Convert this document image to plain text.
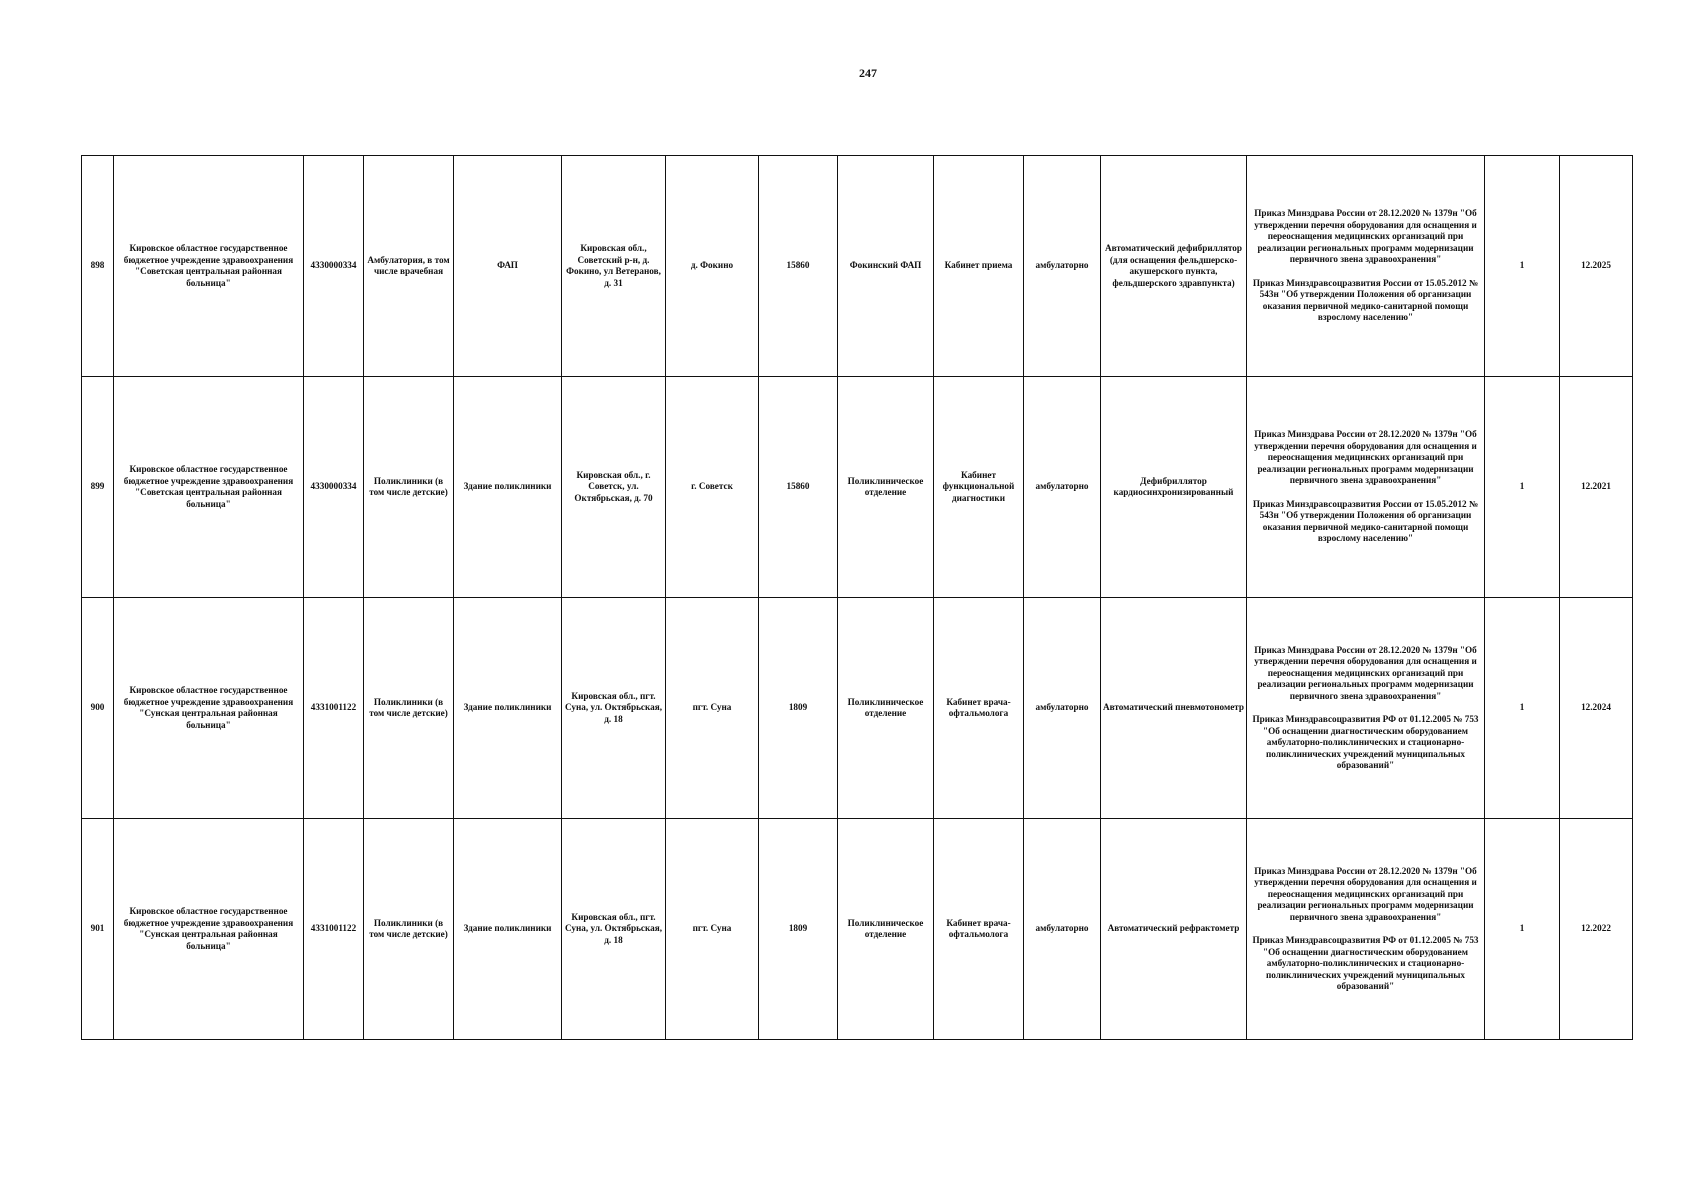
247
898	Кировское областное государственное бюджетное учреждение здравоохранения "Советская центральная районная больница"	4330000334	Амбулатория, в том числе врачебная	ФАП	Кировская обл., Советский р-н, д. Фокино, ул Ветеранов, д. 31	д. Фокино	15860	Фокинский ФАП	Кабинет приема	амбулаторно	Автоматический дефибриллятор (для оснащения фельдшерско-акушерского пункта, фельдшерского здравпункта)	Приказ Минздрава России от 28.12.2020 № 1379н "Об утверждении перечня оборудования для оснащения и переоснащения медицинских организаций при реализации региональных программ модернизации первичного звена здравоохранения"

Приказ Минздравсоцразвития России от 15.05.2012 № 543н "Об утверждении Положения об организации оказания первичной медико-санитарной помощи взрослому населению"	1	12.2025
899	Кировское областное государственное бюджетное учреждение здравоохранения "Советская центральная районная больница"	4330000334	Поликлиники (в том числе детские)	Здание поликлиники	Кировская обл., г. Советск, ул. Октябрьская, д. 70	г. Советск	15860	Поликлиническое отделение	Кабинет функциональной диагностики	амбулаторно	Дефибриллятор кардиосинхронизированный	Приказ Минздрава России от 28.12.2020 № 1379н "Об утверждении перечня оборудования для оснащения и переоснащения медицинских организаций при реализации региональных программ модернизации первичного звена здравоохранения"

Приказ Минздравсоцразвития России от 15.05.2012 № 543н "Об утверждении Положения об организации оказания первичной медико-санитарной помощи взрослому населению"	1	12.2021
900	Кировское областное государственное бюджетное учреждение здравоохранения "Сунская центральная районная больница"	4331001122	Поликлиники (в том числе детские)	Здание поликлиники	Кировская обл., пгт. Суна, ул. Октябрьская, д. 18	пгт. Суна	1809	Поликлиническое отделение	Кабинет врача-офтальмолога	амбулаторно	Автоматический пневмотонометр	Приказ Минздрава России от 28.12.2020 № 1379н "Об утверждении перечня оборудования для оснащения и переоснащения медицинских организаций при реализации региональных программ модернизации первичного звена здравоохранения"

Приказ Минздравсоцразвития РФ от 01.12.2005 № 753 "Об оснащении диагностическим оборудованием амбулаторно-поликлинических и стационарно-поликлинических учреждений муниципальных образований"	1	12.2024
901	Кировское областное государственное бюджетное учреждение здравоохранения "Сунская центральная районная больница"	4331001122	Поликлиники (в том числе детские)	Здание поликлиники	Кировская обл., пгт. Суна, ул. Октябрьская, д. 18	пгт. Суна	1809	Поликлиническое отделение	Кабинет врача-офтальмолога	амбулаторно	Автоматический рефрактометр	Приказ Минздрава России от 28.12.2020 № 1379н "Об утверждении перечня оборудования для оснащения и переоснащения медицинских организаций при реализации региональных программ модернизации первичного звена здравоохранения"

Приказ Минздравсоцразвития РФ от 01.12.2005 № 753 "Об оснащении диагностическим оборудованием амбулаторно-поликлинических и стационарно-поликлинических учреждений муниципальных образований"	1	12.2022
